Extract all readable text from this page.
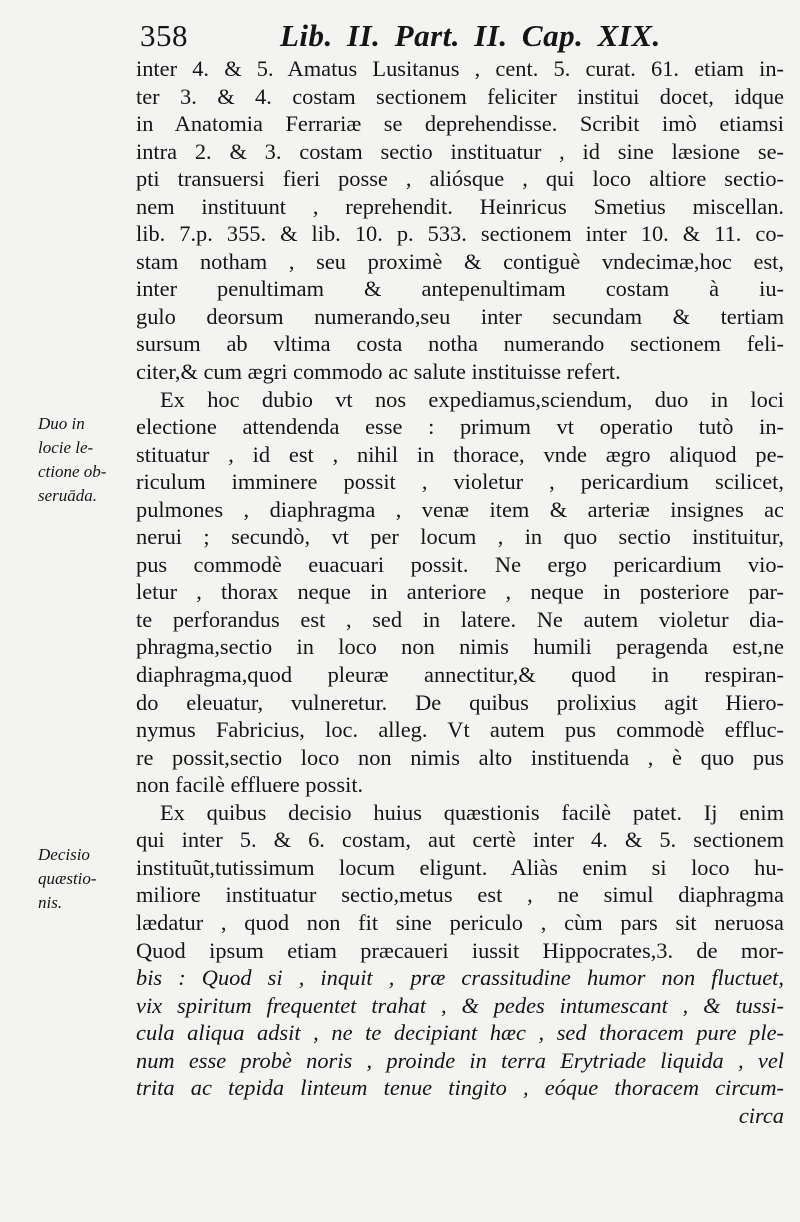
358	Lib. II. Part. II. Cap. XIX.
Duo in
locie le-
ctione ob-
seruāda.
Decisio
quæstio-
nis.
inter 4. & 5. Amatus Lusitanus , cent. 5. curat. 61. etiam in-
ter 3. & 4. costam sectionem feliciter institui docet, idque
in Anatomia Ferrariæ se deprehendisse. Scribit imò etiamsi
intra 2. & 3. costam sectio instituatur , id sine læsione se-
pti transuersi fieri posse , aliósque , qui loco altiore sectio-
nem instituunt , reprehendit. Heinricus Smetius miscellan.
lib. 7.p. 355. & lib. 10. p. 533. sectionem inter 10. & 11. co-
stam notham , seu proximè & contiguè vndecimæ,hoc est,
inter penultimam & antepenultimam costam à iu-
gulo deorsum numerando,seu inter secundam & tertiam
sursum ab vltima costa notha numerando sectionem feli-
citer,& cum ægri commodo ac salute instituisse refert.
Ex hoc dubio vt nos expediamus,sciendum, duo in loci
electione attendenda esse : primum vt operatio tutò in-
stituatur , id est , nihil in thorace, vnde ægro aliquod pe-
riculum imminere possit , violetur , pericardium scilicet,
pulmones , diaphragma , venæ item & arteriæ insignes ac
nerui ; secundò, vt per locum , in quo sectio instituitur,
pus commodè euacuari possit. Ne ergo pericardium vio-
letur , thorax neque in anteriore , neque in posteriore par-
te perforandus est , sed in latere. Ne autem violetur dia-
phragma,sectio in loco non nimis humili peragenda est,ne
diaphragma,quod pleuræ annectitur,& quod in respiran-
do eleuatur, vulneretur. De quibus prolixius agit Hiero-
nymus Fabricius, loc. alleg. Vt autem pus commodè effluc-
re possit,sectio loco non nimis alto instituenda , è quo pus
non facilè effluere possit.
Ex quibus decisio huius quæstionis facilè patet. Ij enim
qui inter 5. & 6. costam, aut certè inter 4. & 5. sectionem
instituũt,tutissimum locum eligunt. Aliàs enim si loco hu-
miliore instituatur sectio,metus est , ne simul diaphragma
lædatur , quod non fit sine periculo , cùm pars sit neruosa
Quod ipsum etiam præcaueri iussit Hippocrates,3. de mor-
bis : Quod si , inquit , præ crassitudine humor non fluctuet,
vix spiritum frequentet trahat , & pedes intumescant , & tussi-
cula aliqua adsit , ne te decipiant hæc , sed thoracem pure ple-
num esse probè noris , proinde in terra Erytriade liquida , vel
trita ac tepida linteum tenue tingito , eóque thoracem circum-
circa
